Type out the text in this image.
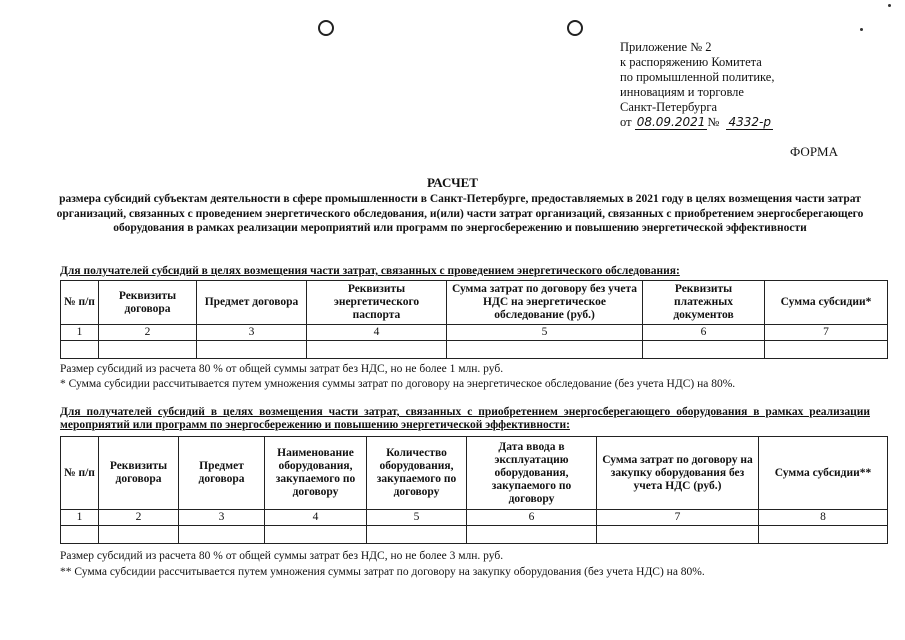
Приложение № 2
к распоряжению Комитета
по промышленной политике,
инновациям и торговле
Санкт-Петербурга
от 08.09.2021 № 4332-р
ФОРМА
РАСЧЕТ
размера субсидий субъектам деятельности в сфере промышленности в Санкт-Петербурге, предоставляемых в 2021 году в целях возмещения части затрат организаций, связанных с проведением энергетического обследования, и(или) части затрат организаций, связанных с приобретением энергосберегающего оборудования в рамках реализации мероприятий или программ по энергосбережению и повышению энергетической эффективности
Для получателей субсидий в целях возмещения части затрат, связанных с проведением энергетического обследования:
№ п/п	Реквизиты договора	Предмет договора	Реквизиты энергетического паспорта	Сумма затрат по договору без учета НДС на энергетическое обследование (руб.)	Реквизиты платежных документов	Сумма субсидии*
1	2	3	4	5	6	7

Размер субсидий из расчета 80 % от общей суммы затрат без НДС, но не более 1 млн. руб.
* Сумма субсидии рассчитывается путем умножения суммы затрат по договору на энергетическое обследование (без учета НДС) на 80%.
Для получателей субсидий в целях возмещения части затрат, связанных с приобретением энергосберегающего оборудования в рамках реализации мероприятий или программ по энергосбережению и повышению энергетической эффективности:
№ п/п	Реквизиты договора	Предмет договора	Наименование оборудования, закупаемого по договору	Количество оборудования, закупаемого по договору	Дата ввода в эксплуатацию оборудования, закупаемого по договору	Сумма затрат по договору на закупку оборудования без учета НДС (руб.)	Сумма субсидии**
1	2	3	4	5	6	7	8

Размер субсидий из расчета 80 % от общей суммы затрат без НДС, но не более 3 млн. руб.
** Сумма субсидии рассчитывается путем умножения суммы затрат по договору на закупку оборудования (без учета НДС) на 80%.
